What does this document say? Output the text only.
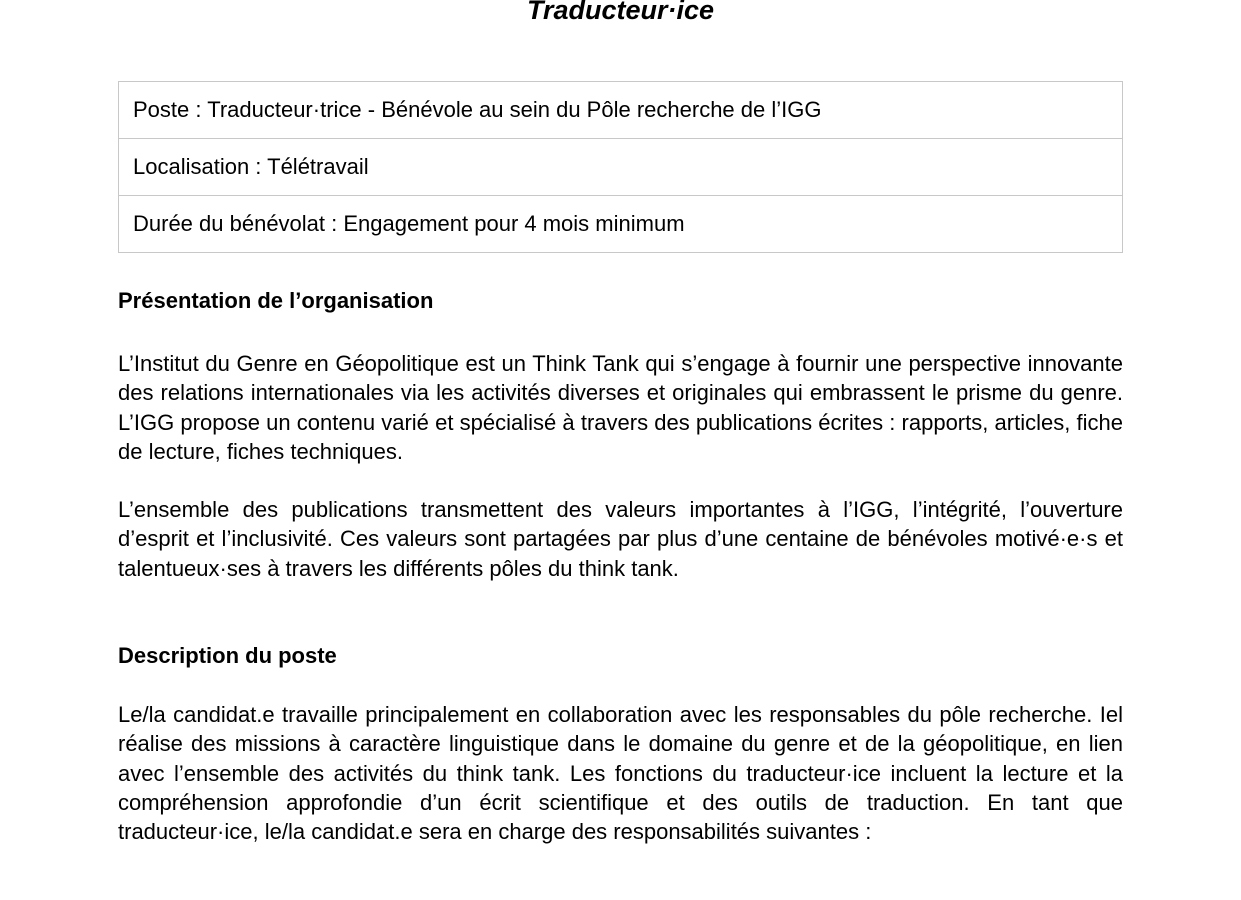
Traducteur·ice
Poste : Traducteur·trice - Bénévole au sein du Pôle recherche de l’IGG
Localisation : Télétravail
Durée du bénévolat : Engagement pour 4 mois minimum
Présentation de l’organisation

L’Institut du Genre en Géopolitique est un Think Tank qui s’engage à fournir une perspective innovante des relations internationales via les activités diverses et originales qui embrassent le prisme du genre. L’IGG propose un contenu varié et spécialisé à travers des publications écrites : rapports, articles, fiche de lecture, fiches techniques.

L’ensemble des publications transmettent des valeurs importantes à l’IGG, l’intégrité, l’ouverture d’esprit et l’inclusivité. Ces valeurs sont partagées par plus d’une centaine de bénévoles motivé·e·s et talentueux·ses à travers les différents pôles du think tank.

Description du poste

Le/la candidat.e travaille principalement en collaboration avec les responsables du pôle recherche. Iel réalise des missions à caractère linguistique dans le domaine du genre et de la géopolitique, en lien avec l’ensemble des activités du think tank. Les fonctions du traducteur·ice incluent la lecture et la compréhension approfondie d’un écrit scientifique et des outils de traduction. En tant que traducteur·ice, le/la candidat.e sera en charge des responsabilités suivantes :
